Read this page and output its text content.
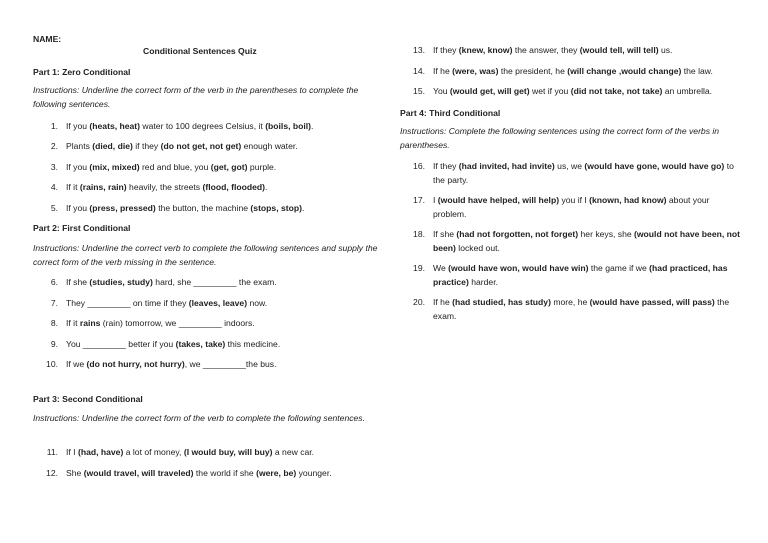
NAME:
Conditional Sentences Quiz
Part 1: Zero Conditional
Instructions: Underline the correct form of the verb in the parentheses to complete the following sentences.
1. If you (heats, heat) water to 100 degrees Celsius, it (boils, boil).
2. Plants (died, die) if they (do not get, not get) enough water.
3. If you (mix, mixed) red and blue, you (get, got) purple.
4. If it (rains, rain) heavily, the streets (flood, flooded).
5. If you (press, pressed) the button, the machine (stops, stop).
Part 2: First Conditional
Instructions: Underline the correct verb to complete the following sentences and supply the correct form of the verb missing in the sentence.
6. If she (studies, study) hard, she _________ the exam.
7. They _________ on time if they (leaves, leave) now.
8. If it rains (rain) tomorrow, we _________ indoors.
9. You _________ better if you (takes, take) this medicine.
10. If we (do not hurry, not hurry), we _________the bus.
Part 3: Second Conditional
Instructions: Underline the correct form of the verb to complete the following sentences.
11. If I (had, have) a lot of money, (I would buy, will buy) a new car.
12. She (would travel, will traveled) the world if she (were, be) younger.
13. If they (knew, know) the answer, they (would tell, will tell) us.
14. If he (were, was) the president, he (will change ,would change) the law.
15. You (would get, will get) wet if you (did not take, not take) an umbrella.
Part 4: Third Conditional
Instructions: Complete the following sentences using the correct form of the verbs in parentheses.
16. If they (had invited, had invite) us, we (would have gone, would have go) to the party.
17. I (would have helped, will help) you if I (known, had know) about your problem.
18. If she (had not forgotten, not forget) her keys, she (would not have been, not been) locked out.
19. We (would have won, would have win) the game if we (had practiced, has practice) harder.
20. If he (had studied, has study) more, he (would have passed, will pass) the exam.
